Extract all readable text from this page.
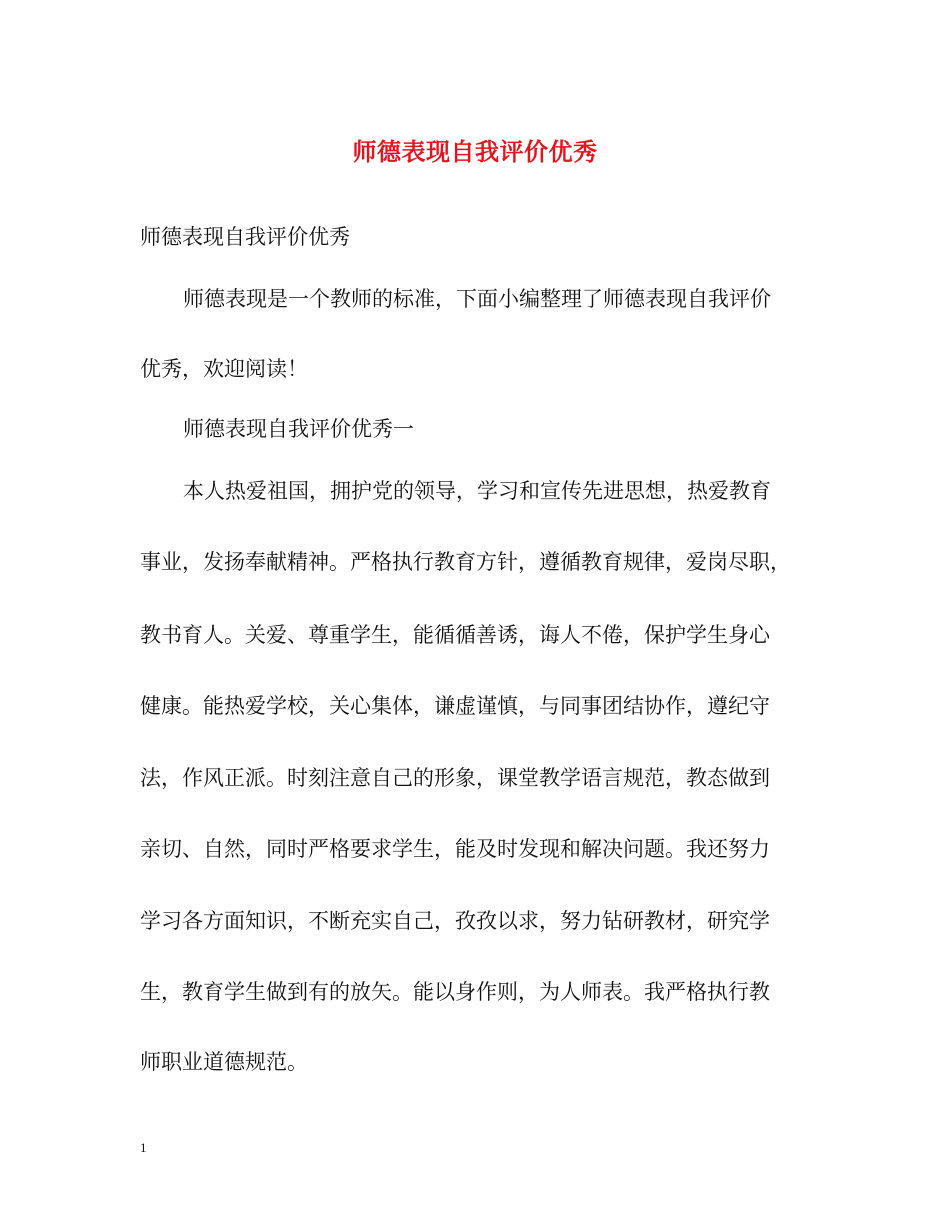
师德表现自我评价优秀
师德表现自我评价优秀
师德表现是一个教师的标准，下面小编整理了师德表现自我评价
优秀，欢迎阅读！
师德表现自我评价优秀一
本人热爱祖国，拥护党的领导，学习和宣传先进思想，热爱教育
事业，发扬奉献精神。严格执行教育方针，遵循教育规律，爱岗尽职，
教书育人。关爱、尊重学生，能循循善诱，诲人不倦，保护学生身心
健康。能热爱学校，关心集体，谦虚谨慎，与同事团结协作，遵纪守
法，作风正派。时刻注意自己的形象，课堂教学语言规范，教态做到
亲切、自然，同时严格要求学生，能及时发现和解决问题。我还努力
学习各方面知识，不断充实自己，孜孜以求，努力钻研教材，研究学
生，教育学生做到有的放矢。能以身作则，为人师表。我严格执行教
师职业道德规范。
1
